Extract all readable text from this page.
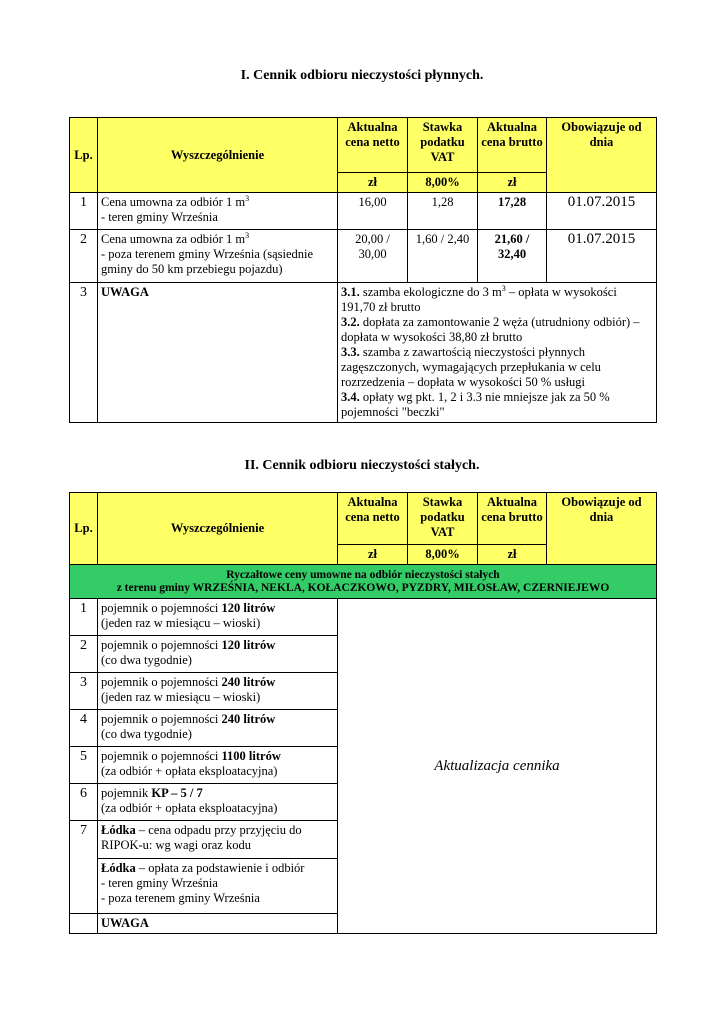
I. Cennik odbioru nieczystości płynnych.
Lp.	Wyszczególnienie	Aktualna cena netto	Stawka podatku VAT	Aktualna cena brutto	Obowiązuje od dnia
		zł	8,00%	zł	
1	Cena umowna za odbiór 1 $m^3$
- teren gminy Września	16,00	1,28	17,28	01.07.2015
2	Cena umowna za odbiór 1 $m^3$
- poza terenem gminy Września (sąsiednie gminy do 50 km przebiegu pojazdu)	20,00 / 30,00	1,60 / 2,40	21,60 / 32,40	01.07.2015
3	UWAGA	3.1. szamba ekologiczne do 3 $m^3$ – opłata w wysokości 191,70 zł brutto
3.2. dopłata za zamontowanie 2 węża (utrudniony odbiór) – dopłata w wysokości 38,80 zł brutto
3.3. szamba z zawartością nieczystości płynnych zagęszczonych, wymagających przepłukania w celu rozrzedzenia – dopłata w wysokości 50 % usługi
3.4. opłaty wg pkt. 1, 2 i 3.3 nie mniejsze jak za 50 % pojemności "beczki"			
II. Cennik odbioru nieczystości stałych.
Lp.	Wyszczególnienie	Aktualna cena netto	Stawka podatku VAT	Aktualna cena brutto	Obowiązuje od dnia
		zł	8,00%	zł	

Ryczałtowe ceny umowne na odbiór nieczystości stałych
z terenu gminy WRZEŚNIA, NEKLA, KOŁACZKOWO, PYZDRY, MIŁOSŁAW, CZERNIEJEWO					

1	pojemnik o pojemności 120 litrów
(jeden raz w miesiącu – wioski)	Aktualizacja cennika			
2	pojemnik o pojemności 120 litrów
(co dwa tygodnie)				
3	pojemnik o pojemności 240 litrów
(jeden raz w miesiącu – wioski)				
4	pojemnik o pojemności 240 litrów
(co dwa tygodnie)				
5	pojemnik o pojemności 1100 litrów
(za odbiór + opłata eksploatacyjna)				
6	pojemnik KP – 5 / 7
(za odbiór + opłata eksploatacyjna)				
7	Łódka – cena odpadu przy przyjęciu do RIPOK-u: wg wagi oraz kodu				
	Łódka – opłata za podstawienie i odbiór
- teren gminy Września
- poza terenem gminy Września				
	UWAGA				
